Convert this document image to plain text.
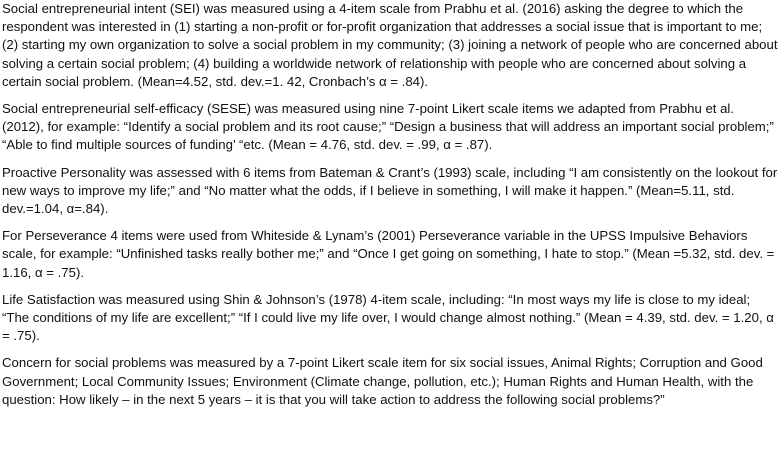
Social entrepreneurial intent (SEI) was measured using a 4-item scale from Prabhu et al. (2016) asking the degree to which the respondent was interested in (1) starting a non-profit or for-profit organization that addresses a social issue that is important to me; (2) starting my own organization to solve a social problem in my community; (3) joining a network of people who are concerned about solving a certain social problem; (4) building a worldwide network of relationship with people who are concerned about solving a certain social problem. (Mean=4.52, std. dev.=1. 42, Cronbach’s α = .84).

Social entrepreneurial self-efficacy (SESE) was measured using nine 7-point Likert scale items we adapted from Prabhu et al. (2012), for example: “Identify a social problem and its root cause;” “Design a business that will address an important social problem;” “Able to find multiple sources of funding’ “etc. (Mean = 4.76, std. dev. = .99, α = .87).

Proactive Personality was assessed with 6 items from Bateman & Crant’s (1993) scale, including “I am consistently on the lookout for new ways to improve my life;” and “No matter what the odds, if I believe in something, I will make it happen.” (Mean=5.11, std. dev.=1.04, α=.84).

For Perseverance 4 items were used from Whiteside & Lynam’s (2001) Perseverance variable in the UPSS Impulsive Behaviors scale, for example: “Unfinished tasks really bother me;” and “Once I get going on something, I hate to stop.” (Mean =5.32, std. dev. = 1.16, α = .75).

Life Satisfaction was measured using Shin & Johnson’s (1978) 4-item scale, including: “In most ways my life is close to my ideal; “The conditions of my life are excellent;” “If I could live my life over, I would change almost nothing.” (Mean = 4.39, std. dev. = 1.20, α = .75).

Concern for social problems was measured by a 7-point Likert scale item for six social issues, Animal Rights; Corruption and Good Government; Local Community Issues; Environment (Climate change, pollution, etc.); Human Rights and Human Health, with the question: How likely – in the next 5 years – it is that you will take action to address the following social problems?”
